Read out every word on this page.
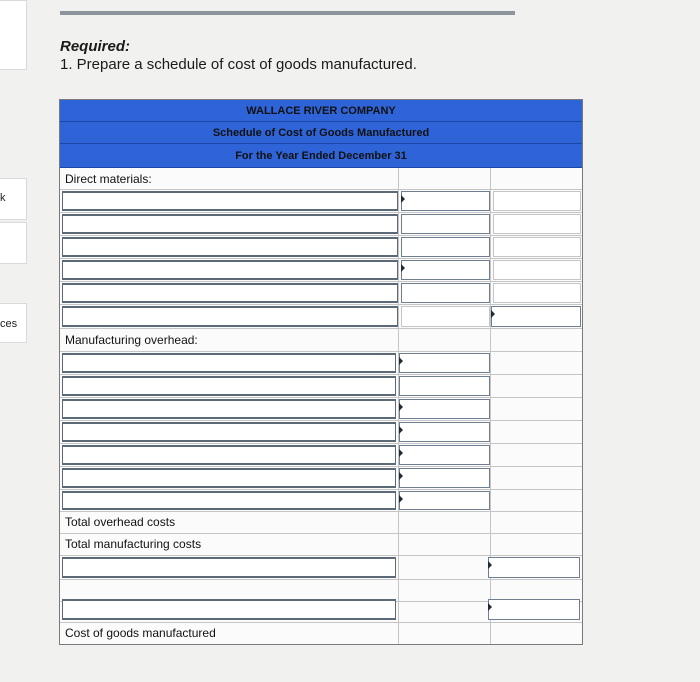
k
ces
Required:
1. Prepare a schedule of cost of goods manufactured.
WALLACE RIVER COMPANY
Schedule of Cost of Goods Manufactured
For the Year Ended December 31
Direct materials:
Manufacturing overhead:
Total overhead costs
Total manufacturing costs
Cost of goods manufactured
